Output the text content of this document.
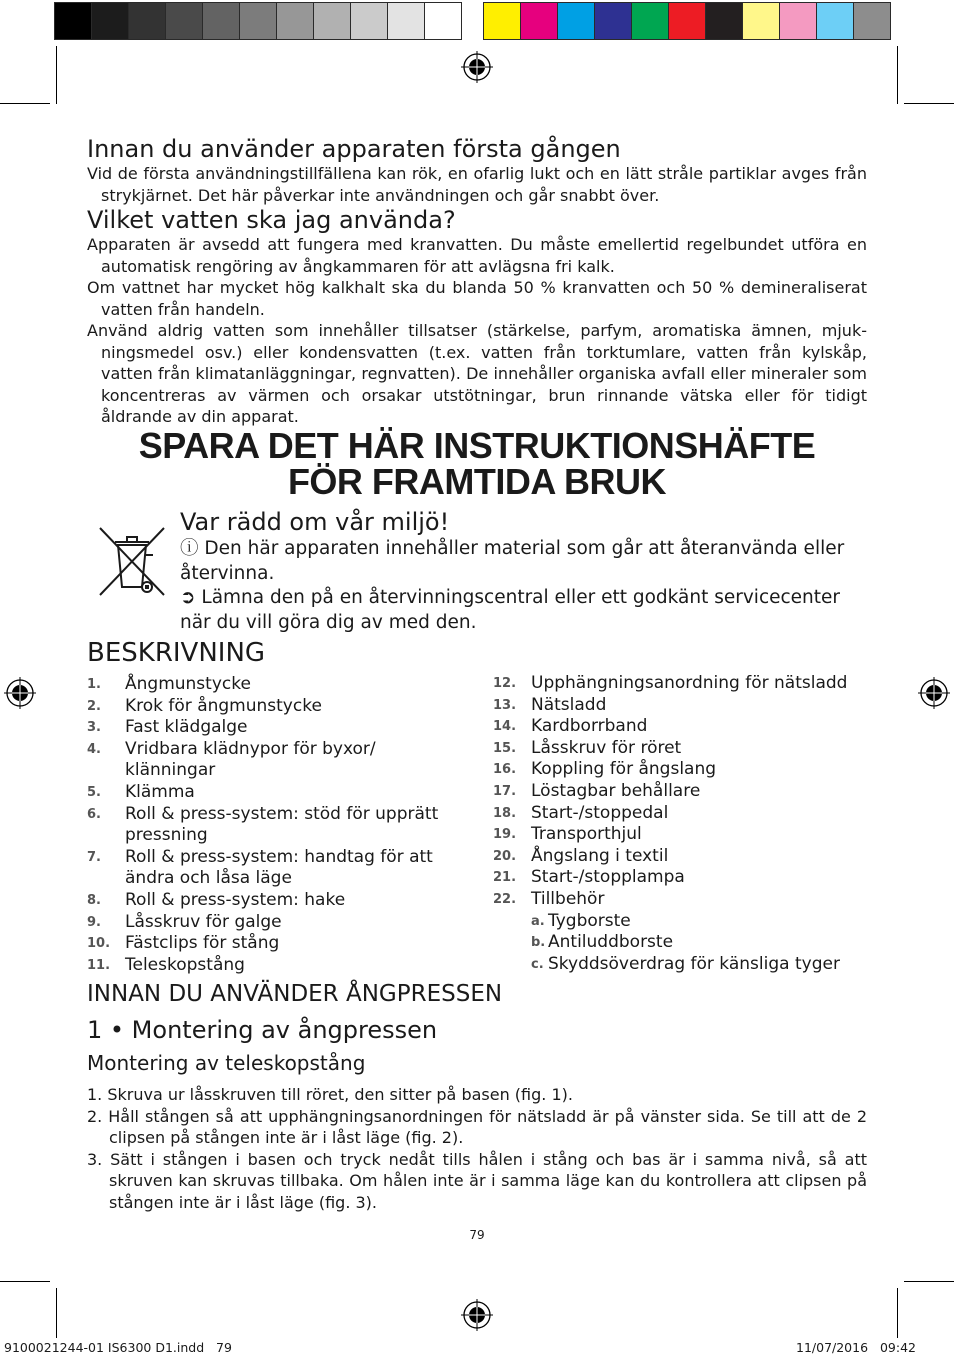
Innan du använder apparaten första gången

Vid de första användningstillfällena kan rök, en ofarlig lukt och en lätt stråle partiklar avges från strykjärnet. Det här påverkar inte användningen och går snabbt över.

Vilket vatten ska jag använda?

Apparaten är avsedd att fungera med kranvatten. Du måste emellertid regelbundet utföra en automatisk rengöring av ångkammaren för att avlägsna fri kalk.

Om vattnet har mycket hög kalkhalt ska du blanda 50 % kranvatten och 50 % demineraliserat vatten från handeln.

Använd aldrig vatten som innehåller tillsatser (stärkelse, parfym, aromatiska ämnen, mjukningsmedel osv.) eller kondensvatten (t.ex. vatten från torktumlare, vatten från kylskåp, vatten från klimatanläggningar, regnvatten). De innehåller organiska avfall eller mineraler som koncentreras av värmen och orsakar utstötningar, brun rinnande vätska eller för tidigt åldrande av din apparat.

SPARA DET HÄR INSTRUKTIONSHÄFTE
FÖR FRAMTIDA BRUK
Var rädd om vår miljö!

ⓘ Den här apparaten innehåller material som går att återanvända eller återvinna.

➲ Lämna den på en återvinningscentral eller ett godkänt servicecenter när du vill göra dig av med den.

BESKRIVNING
1.	Ångmunstycke
2.	Krok för ångmunstycke
3.	Fast klädgalge
4.	Vridbara klädnypor för byxor/ klänningar
5.	Klämma
6.	Roll & press-system: stöd för upprätt pressning
7.	Roll & press-system: handtag för att ändra och låsa läge
8.	Roll & press-system: hake
9.	Låsskruv för galge
10. Fästclips för stång
11. Teleskopstång
12. Upphängningsanordning för nätsladd
13. Nätsladd
14. Kardborrband
15. Låsskruv för röret
16. Koppling för ångslang
17. Löstagbar behållare
18. Start-/stoppedal
19. Transporthjul
20. Ångslang i textil
21. Start-/stopplampa
22. Tillbehör
a. Tygborste
b. Antiluddborste
c. Skyddsöverdrag för känsliga tyger
INNAN DU ANVÄNDER ÅNGPRESSEN
1 • Montering av ångpressen
Montering av teleskopstång

1. Skruva ur låsskruven till röret, den sitter på basen (fig. 1).

2. Håll stången så att upphängningsanordningen för nätsladd är på vänster sida. Se till att de 2 clipsen på stången inte är i låst läge (fig. 2).

3. Sätt i stången i basen och tryck nedåt tills hålen i stång och bas är i samma nivå, så att skruven kan skruvas tillbaka. Om hålen inte är i samma läge kan du kontrollera att clipsen på stången inte är i låst läge (fig. 3).

79
9100021244-01 IS6300 D1.indd   79	11/07/2016   09:42
